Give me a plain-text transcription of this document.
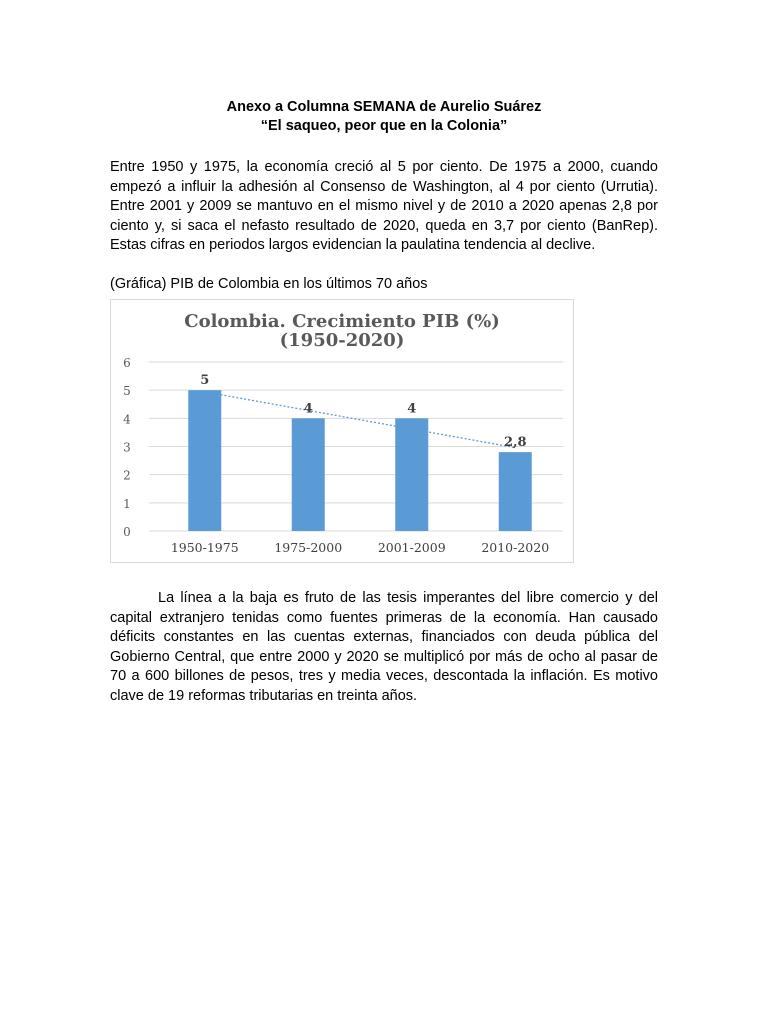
Anexo a Columna SEMANA de Aurelio Suárez
“El saqueo, peor que en la Colonia”

Entre 1950 y 1975, la economía creció al 5 por ciento. De 1975 a 2000, cuando empezó a influir la adhesión al Consenso de Washington, al 4 por ciento (Urrutia). Entre 2001 y 2009 se mantuvo en el mismo nivel y de 2010 a 2020 apenas 2,8 por ciento y, si saca el nefasto resultado de 2020, queda en 3,7 por ciento (BanRep). Estas cifras en periodos largos evidencian la paulatina tendencia al declive.

(Gráfica) PIB de Colombia en los últimos 70 años
Colombia. Crecimiento PIB (%)
(1950-2020)
0
1
2
3
4
5
6
5
4	4
2,8
1950-1975	1975-2000	2001-2009	2010-2020

La línea a la baja es fruto de las tesis imperantes del libre comercio y del capital extranjero tenidas como fuentes primeras de la economía. Han causado déficits constantes en las cuentas externas, financiados con deuda pública del Gobierno Central, que entre 2000 y 2020 se multiplicó por más de ocho al pasar de 70 a 600 billones de pesos, tres y media veces, descontada la inflación. Es motivo clave de 19 reformas tributarias en treinta años.
